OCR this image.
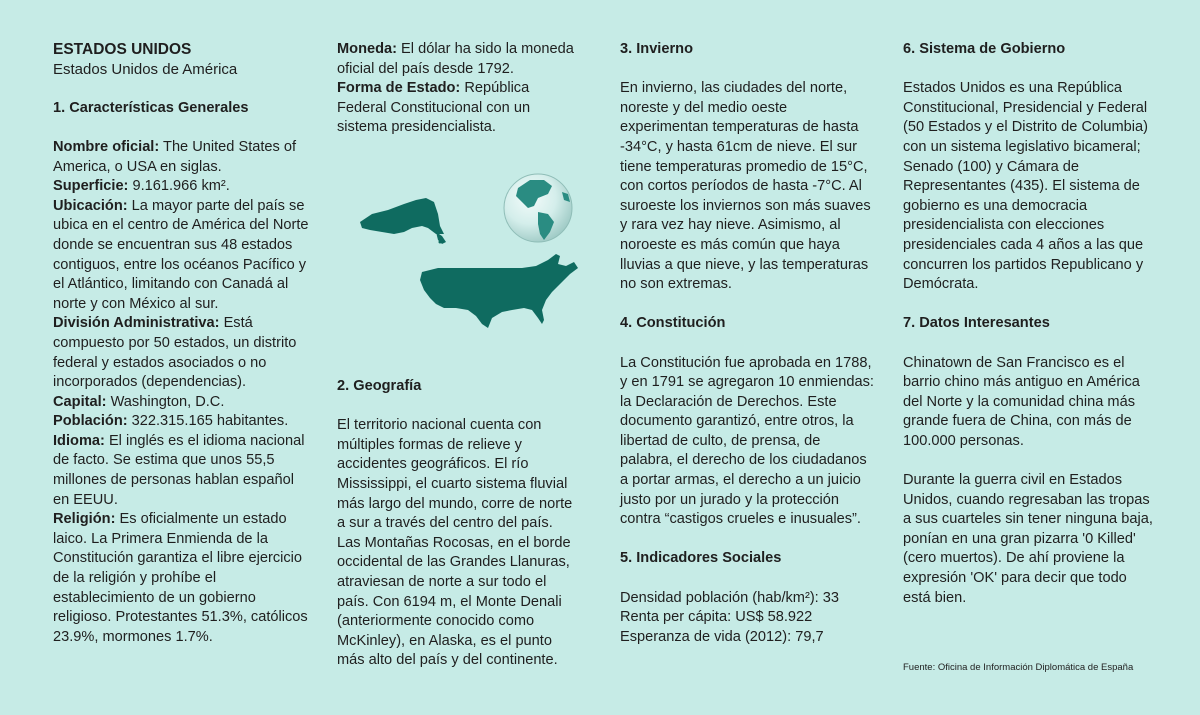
ESTADOS UNIDOS

Estados Unidos de América

1. Características Generales

Nombre oficial: The United States of America, o USA en siglas.

Superficie: 9.161.966 km².

Ubicación: La mayor parte del país se ubica en el centro de América del Norte donde se encuentran sus 48 estados contiguos, entre los océanos Pacífico y el Atlántico, limitando con Canadá al norte y con México al sur.

División Administrativa: Está compuesto por 50 estados, un distrito federal y estados asociados o no incorporados (dependencias).

Capital: Washington, D.C.

Población: 322.315.165 habitantes.

Idioma: El inglés es el idioma nacional de facto. Se estima que unos 55,5 millones de personas hablan español en EEUU.

Religión: Es oficialmente un estado laico. La Primera Enmienda de la Constitución garantiza el libre ejercicio de la religión y prohíbe el establecimiento de un gobierno religioso. Protestantes 51.3%, católicos 23.9%, mormones 1.7%.

Moneda: El dólar ha sido la moneda oficial del país desde 1792.

Forma de Estado: República Federal Constitucional con un sistema presidencialista.

2. Geografía

El territorio nacional cuenta con múltiples formas de relieve y accidentes geográficos. El río Mississippi, el cuarto sistema fluvial más largo del mundo, corre de norte a sur a través del centro del país. Las Montañas Rocosas, en el borde occidental de las Grandes Llanuras, atraviesan de norte a sur todo el país. Con 6194 m, el Monte Denali (anteriormente conocido como McKinley), en Alaska, es el punto más alto del país y del continente.

3. Invierno

En invierno, las ciudades del norte, noreste y del medio oeste experimentan temperaturas de hasta -34°C, y hasta 61cm de nieve. El sur tiene temperaturas promedio de 15°C, con cortos períodos de hasta -7°C. Al suroeste los inviernos son más suaves y rara vez hay nieve. Asimismo, al noroeste es más común que haya lluvias a que nieve, y las temperaturas no son extremas.

4. Constitución

La Constitución fue aprobada en 1788, y en 1791 se agregaron 10 enmiendas: la Declaración de Derechos. Este documento garantizó, entre otros, la libertad de culto, de prensa, de palabra, el derecho de los ciudadanos a portar armas, el derecho a un juicio justo por un jurado y la protección contra “castigos crueles e inusuales”.

5. Indicadores Sociales

Densidad población (hab/km²): 33

Renta per cápita: US$ 58.922

Esperanza de vida (2012): 79,7

6. Sistema de Gobierno

Estados Unidos es una República Constitucional, Presidencial y Federal (50 Estados y el Distrito de Columbia) con un sistema legislativo bicameral; Senado (100) y Cámara de Representantes (435). El sistema de gobierno es una democracia presidencialista con elecciones presidenciales cada 4 años a las que concurren los partidos Republicano y Demócrata.

7. Datos Interesantes

Chinatown de San Francisco es el barrio chino más antiguo en América del Norte y la comunidad china más grande fuera de China, con más de 100.000 personas.

Durante la guerra civil en Estados Unidos, cuando regresaban las tropas a sus cuarteles sin tener ninguna baja, ponían en una gran pizarra '0 Killed' (cero muertos). De ahí proviene la expresión 'OK' para decir que todo está bien.

Fuente: Oficina de Información Diplomática de España
